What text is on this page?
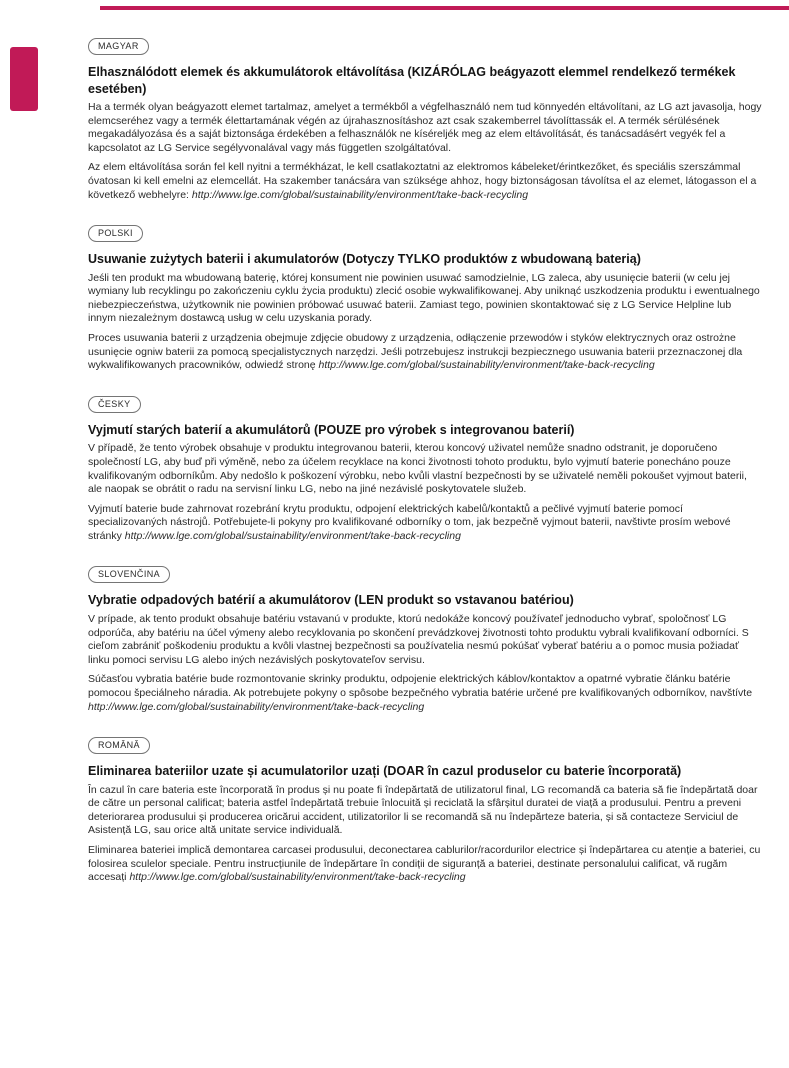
MAGYAR
Elhasználódott elemek és akkumulátorok eltávolítása (KIZÁRÓLAG beágyazott elemmel rendelkező termékek esetében)

Ha a termék olyan beágyazott elemet tartalmaz, amelyet a termékből a végfelhasználó nem tud könnyedén eltávolítani, az LG azt javasolja, hogy elemcseréhez vagy a termék élettartamának végén az újrahasznosításhoz azt csak szakemberrel távolíttassák el. A termék sérülésének megakadályozása és a saját biztonsága érdekében a felhasználók ne kíséreljék meg az elem eltávolítását, és tanácsadásért vegyék fel a kapcsolatot az LG Service segélyvonalával vagy más független szolgáltatóval.

Az elem eltávolítása során fel kell nyitni a termékházat, le kell csatlakoztatni az elektromos kábeleket/érintkezőket, és speciális szerszámmal óvatosan ki kell emelni az elemcellát. Ha szakember tanácsára van szüksége ahhoz, hogy biztonságosan távolítsa el az elemet, látogasson el a következő webhelyre: http://www.lge.com/global/sustainability/environment/take-back-recycling

POLSKI
Usuwanie zużytych baterii i akumulatorów (Dotyczy TYLKO produktów z wbudowaną baterią)

Jeśli ten produkt ma wbudowaną baterię, której konsument nie powinien usuwać samodzielnie, LG zaleca, aby usunięcie baterii (w celu jej wymiany lub recyklingu po zakończeniu cyklu życia produktu) zlecić osobie wykwalifikowanej. Aby uniknąć uszkodzenia produktu i ewentualnego niebezpieczeństwa, użytkownik nie powinien próbować usuwać baterii. Zamiast tego, powinien skontaktować się z LG Service Helpline lub innym niezależnym dostawcą usług w celu uzyskania porady.

Proces usuwania baterii z urządzenia obejmuje zdjęcie obudowy z urządzenia, odłączenie przewodów i styków elektrycznych oraz ostrożne usunięcie ogniw baterii za pomocą specjalistycznych narzędzi. Jeśli potrzebujesz instrukcji bezpiecznego usuwania baterii przeznaczonej dla wykwalifikowanych pracowników, odwiedź stronę http://www.lge.com/global/sustainability/environment/take-back-recycling

ČESKY
Vyjmutí starých baterií a akumulátorů (POUZE pro výrobek s integrovanou baterií)

V případě, že tento výrobek obsahuje v produktu integrovanou baterii, kterou koncový uživatel nemůže snadno odstranit, je doporučeno společností LG, aby buď při výměně, nebo za účelem recyklace na konci životnosti tohoto produktu, bylo vyjmutí baterie ponecháno pouze kvalifikovaným odborníkům. Aby nedošlo k poškození výrobku, nebo kvůli vlastní bezpečnosti by se uživatelé neměli pokoušet vyjmout baterii, ale naopak se obrátit o radu na servisní linku LG, nebo na jiné nezávislé poskytovatele služeb.

Vyjmutí baterie bude zahrnovat rozebrání krytu produktu, odpojení elektrických kabelů/kontaktů a pečlivé vyjmutí baterie pomocí specializovaných nástrojů. Potřebujete-li pokyny pro kvalifikované odborníky o tom, jak bezpečně vyjmout baterii, navštivte prosím webové stránky http://www.lge.com/global/sustainability/environment/take-back-recycling

SLOVENČINA
Vybratie odpadových batérií a akumulátorov (LEN produkt so vstavanou batériou)

V prípade, ak tento produkt obsahuje batériu vstavanú v produkte, ktorú nedokáže koncový používateľ jednoducho vybrať, spoločnosť LG odporúča, aby batériu na účel výmeny alebo recyklovania po skončení prevádzkovej životnosti tohto produktu vybrali kvalifikovaní odborníci. S cieľom zabrániť poškodeniu produktu a kvôli vlastnej bezpečnosti sa používatelia nesmú pokúšať vyberať batériu a o pomoc musia požiadať linku pomoci servisu LG alebo iných nezávislých poskytovateľov servisu.

Súčasťou vybratia batérie bude rozmontovanie skrinky produktu, odpojenie elektrických káblov/kontaktov a opatrné vybratie článku batérie pomocou špeciálneho náradia. Ak potrebujete pokyny o spôsobe bezpečného vybratia batérie určené pre kvalifikovaných odborníkov, navštívte http://www.lge.com/global/sustainability/environment/take-back-recycling

ROMÂNĂ
Eliminarea bateriilor uzate și acumulatorilor uzați (DOAR în cazul produselor cu baterie încorporată)

În cazul în care bateria este încorporată în produs și nu poate fi îndepărtată de utilizatorul final, LG recomandă ca bateria să fie îndepărtată doar de către un personal calificat; bateria astfel îndepărtată trebuie înlocuită și reciclată la sfârșitul duratei de viață a produsului. Pentru a preveni deteriorarea produsului și producerea oricărui accident, utilizatorilor li se recomandă să nu îndepărteze bateria, și să contacteze Serviciul de Asistență LG, sau orice altă unitate service individuală.

Eliminarea bateriei implică demontarea carcasei produsului, deconectarea cablurilor/racordurilor electrice și îndepărtarea cu atenție a bateriei, cu folosirea sculelor speciale. Pentru instrucțiunile de îndepărtare în condiții de siguranță a bateriei, destinate personalului calificat, vă rugăm accesați http://www.lge.com/global/sustainability/environment/take-back-recycling
